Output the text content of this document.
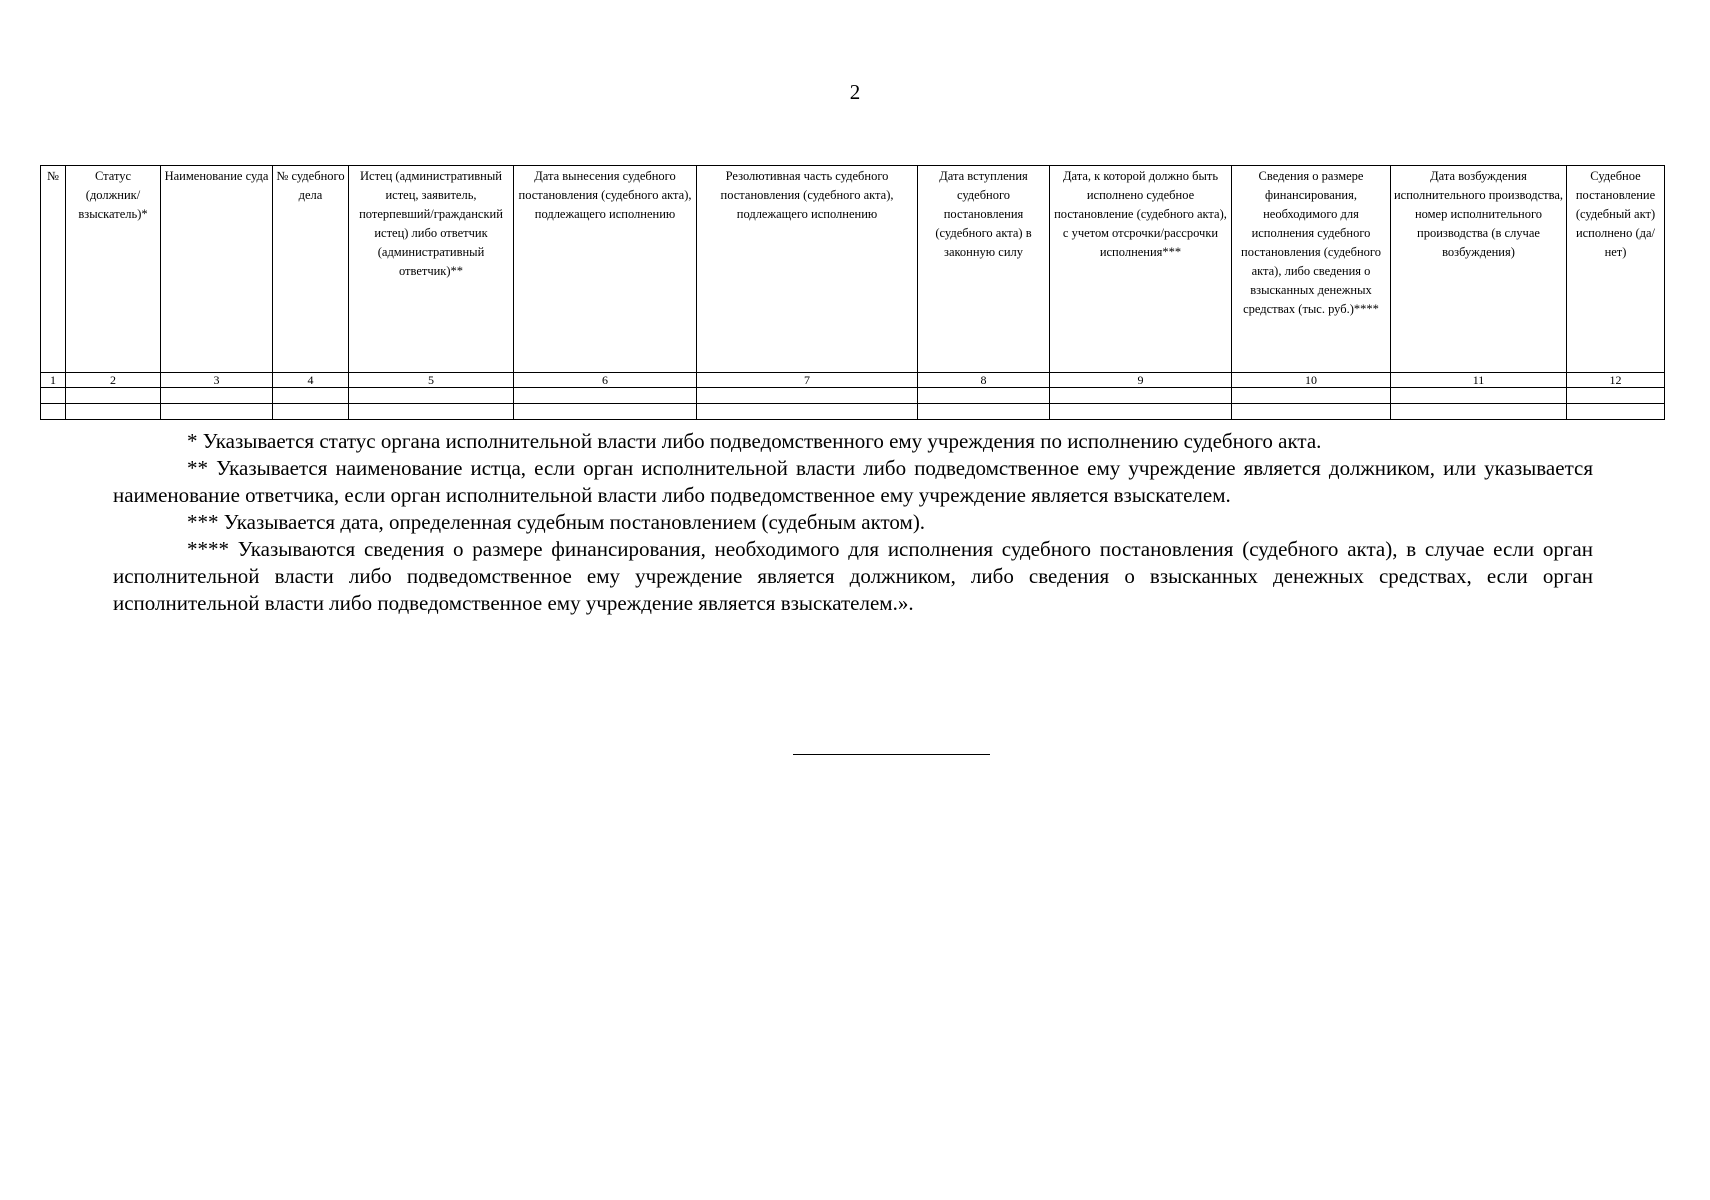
2
№	Статус (должник/ взыскатель)*	Наименование суда	№ судебного дела	Истец (административный истец, заявитель, потерпевший/гражданский истец) либо ответчик (административный ответчик)**	Дата вынесения судебного постановления (судебного акта), подлежащего исполнению	Резолютивная часть судебного постановления (судебного акта), подлежащего исполнению	Дата вступления судебного постановления (судебного акта) в законную силу	Дата, к которой должно быть исполнено судебное постановление (судебного акта), с учетом отсрочки/рассрочки исполнения***	Сведения о размере финансирования, необходимого для исполнения судебного постановления (судебного акта), либо сведения о взысканных денежных средствах (тыс. руб.)****	Дата возбуждения исполнительного производства, номер исполнительного производства (в случае возбуждения)	Судебное постановление (судебный акт) исполнено (да/нет)
1	2	3	4	5	6	7	8	9	10	11	12

* Указывается статус органа исполнительной власти либо подведомственного ему учреждения по исполнению судебного акта.

** Указывается наименование истца, если орган исполнительной власти либо подведомственное ему учреждение является должником, или указывается наименование ответчика, если орган исполнительной власти либо подведомственное ему учреждение является взыскателем.

*** Указывается дата, определенная судебным постановлением (судебным актом).

**** Указываются сведения о размере финансирования, необходимого для исполнения судебного постановления (судебного акта), в случае если орган исполнительной власти либо подведомственное ему учреждение является должником, либо сведения о взысканных денежных средствах, если орган исполнительной власти либо подведомственное ему учреждение является взыскателем.».
